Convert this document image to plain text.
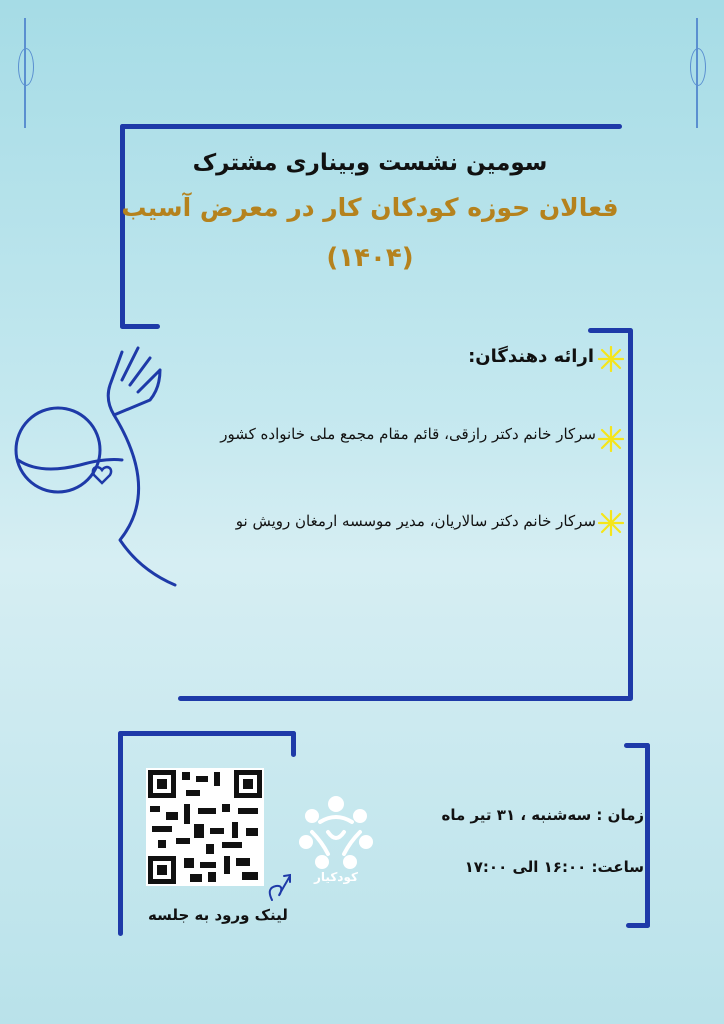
سومین نشست وبیناری مشترک
فعالان حوزه کودکان کار در معرض آسیب
(۱۴۰۴)
ارائه دهندگان:
سرکار خانم دکتر رازقی، قائم مقام مجمع ملی خانواده کشور
سرکار خانم دکتر سالاریان، مدیر موسسه ارمغان رویش نو
لینک ورود به جلسه
کودکیار
زمان : سه‌شنبه ، ۳۱ تیر ماه
ساعت: ۱۶:۰۰ الی ۱۷:۰۰
